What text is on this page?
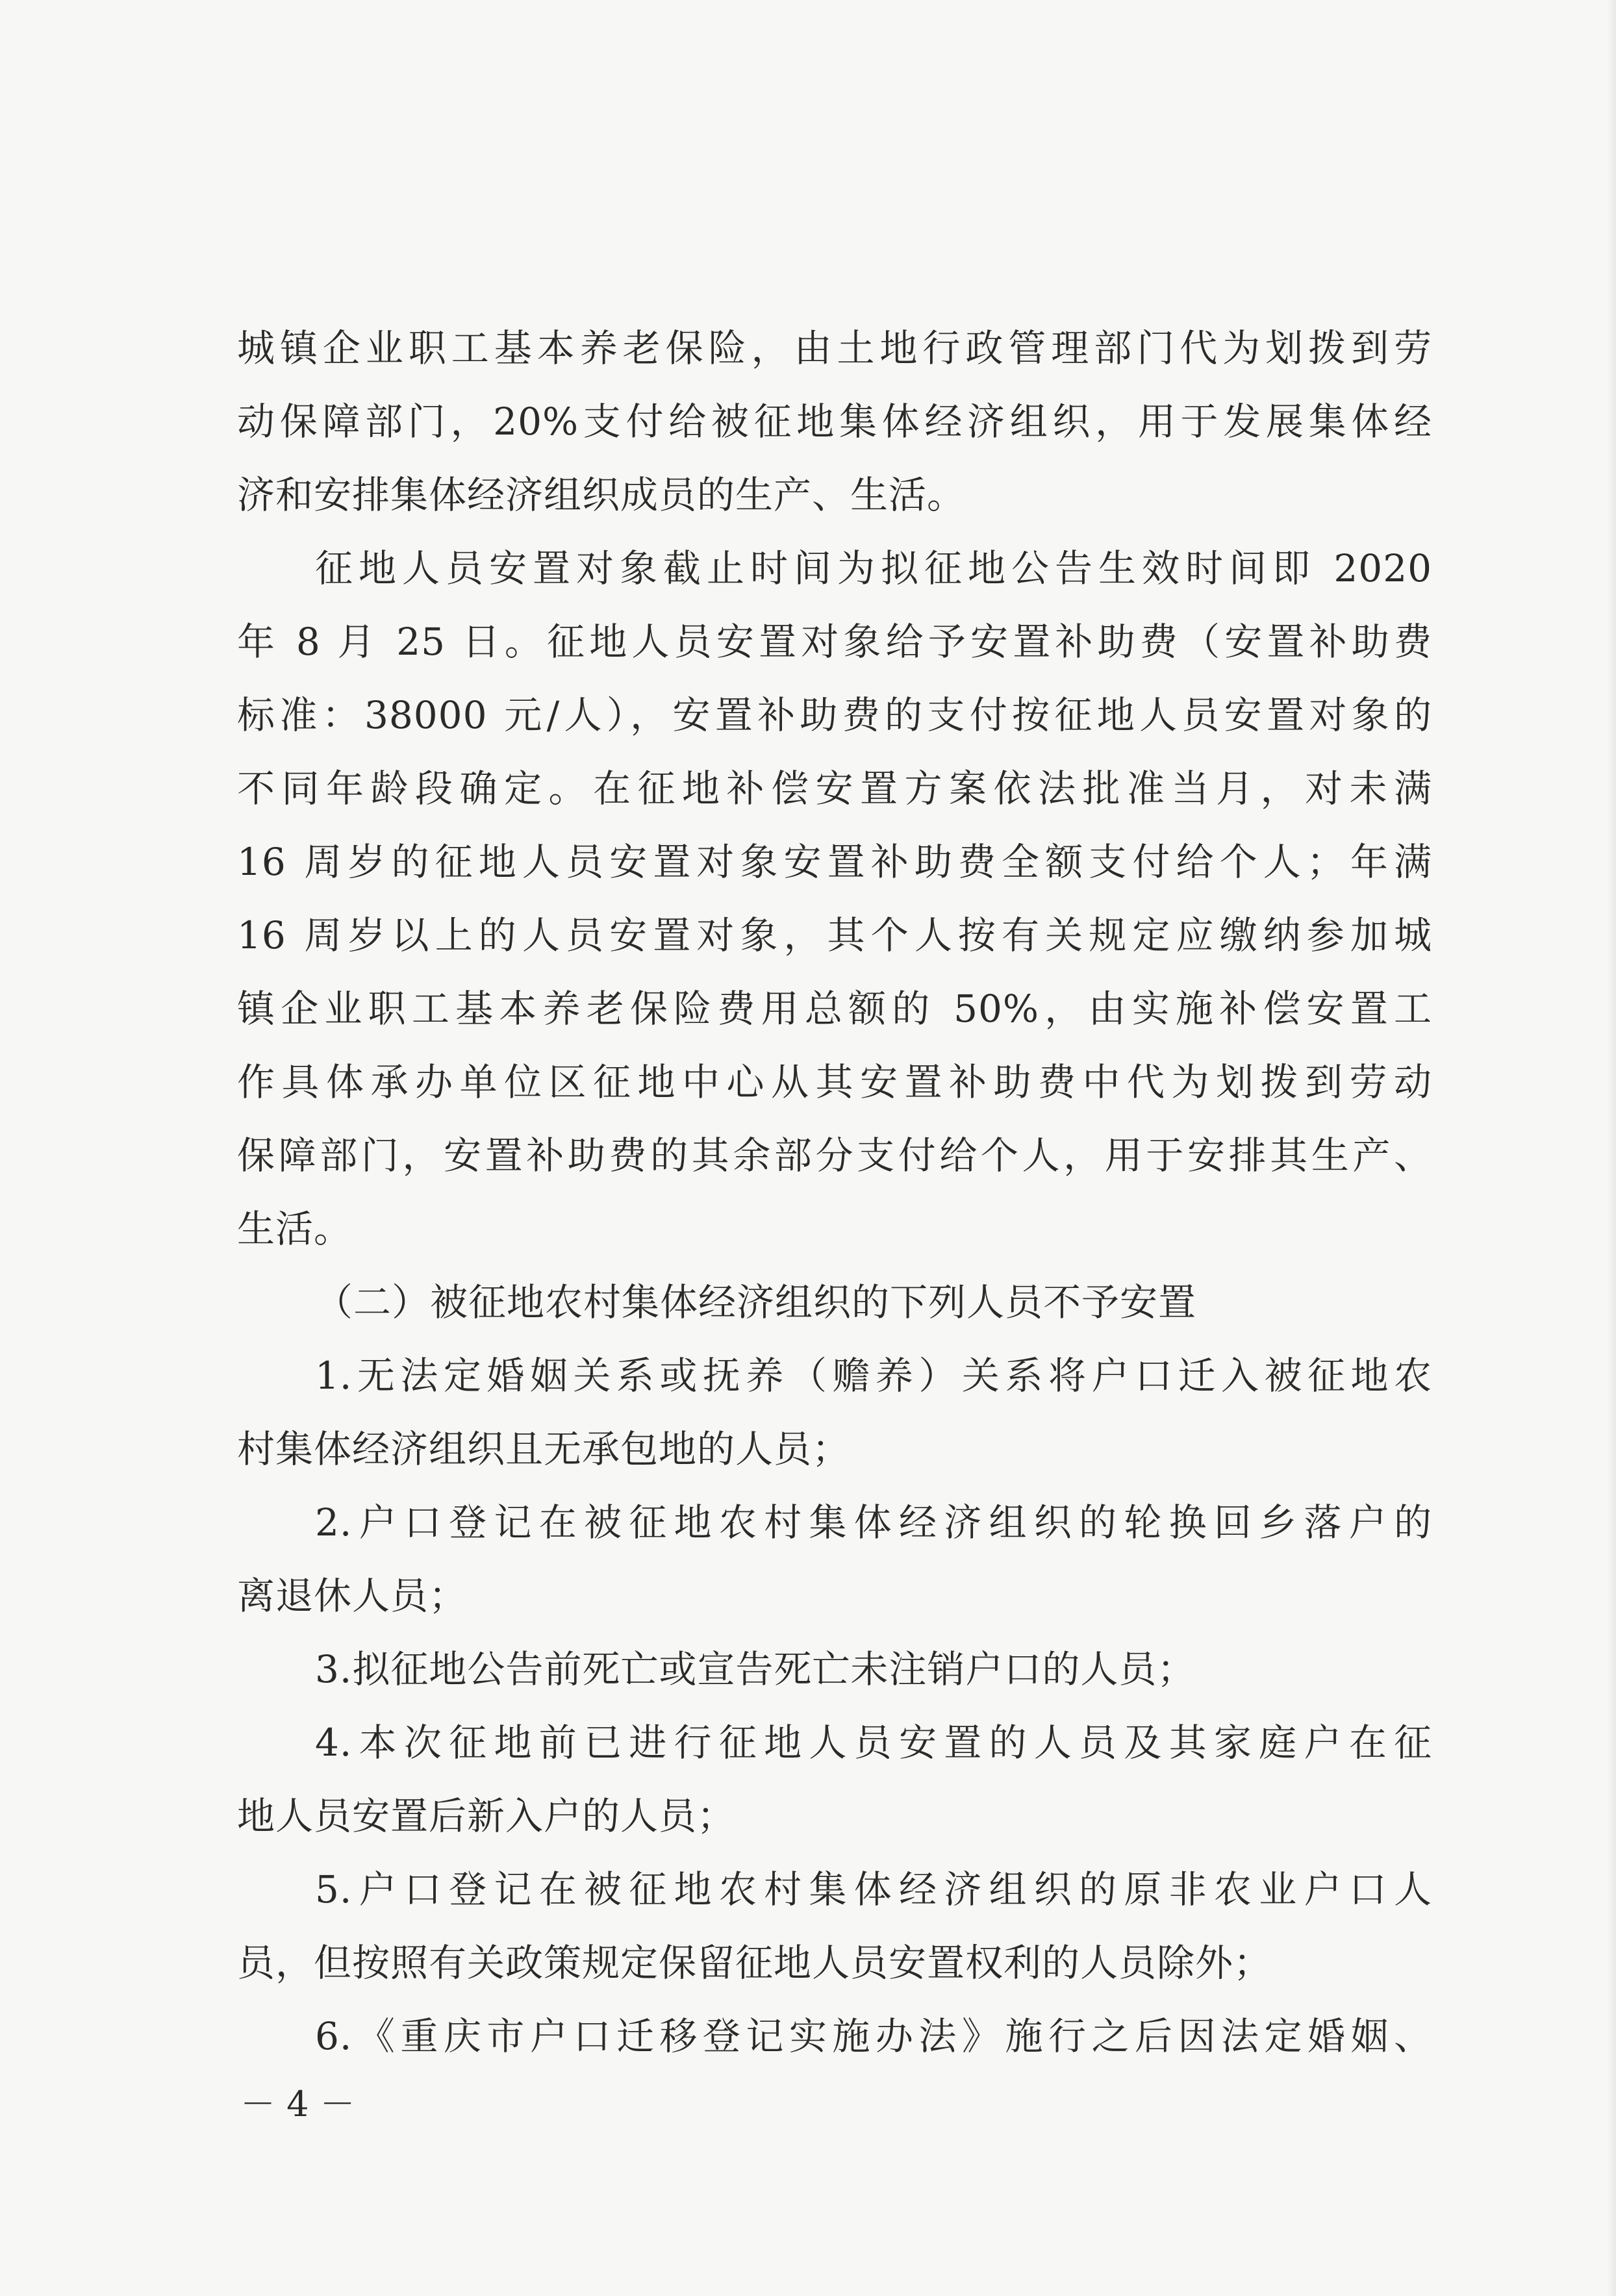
城镇企业职工基本养老保险，由土地行政管理部门代为划拨到劳
动保障部门，20%支付给被征地集体经济组织，用于发展集体经
济和安排集体经济组织成员的生产、生活。
征地人员安置对象截止时间为拟征地公告生效时间即 2020
年 8 月 25 日。征地人员安置对象给予安置补助费（安置补助费
标准：38000 元/人），安置补助费的支付按征地人员安置对象的
不同年龄段确定。在征地补偿安置方案依法批准当月，对未满
16 周岁的征地人员安置对象安置补助费全额支付给个人；年满
16 周岁以上的人员安置对象，其个人按有关规定应缴纳参加城
镇企业职工基本养老保险费用总额的 50%，由实施补偿安置工
作具体承办单位区征地中心从其安置补助费中代为划拨到劳动
保障部门，安置补助费的其余部分支付给个人，用于安排其生产、
生活。
（二）被征地农村集体经济组织的下列人员不予安置
1.无法定婚姻关系或抚养（赡养）关系将户口迁入被征地农
村集体经济组织且无承包地的人员；
2.户口登记在被征地农村集体经济组织的轮换回乡落户的
离退休人员；
3.拟征地公告前死亡或宣告死亡未注销户口的人员；
4.本次征地前已进行征地人员安置的人员及其家庭户在征
地人员安置后新入户的人员；
5.户口登记在被征地农村集体经济组织的原非农业户口人
员，但按照有关政策规定保留征地人员安置权利的人员除外；
6.《重庆市户口迁移登记实施办法》施行之后因法定婚姻、
－ 4 －
